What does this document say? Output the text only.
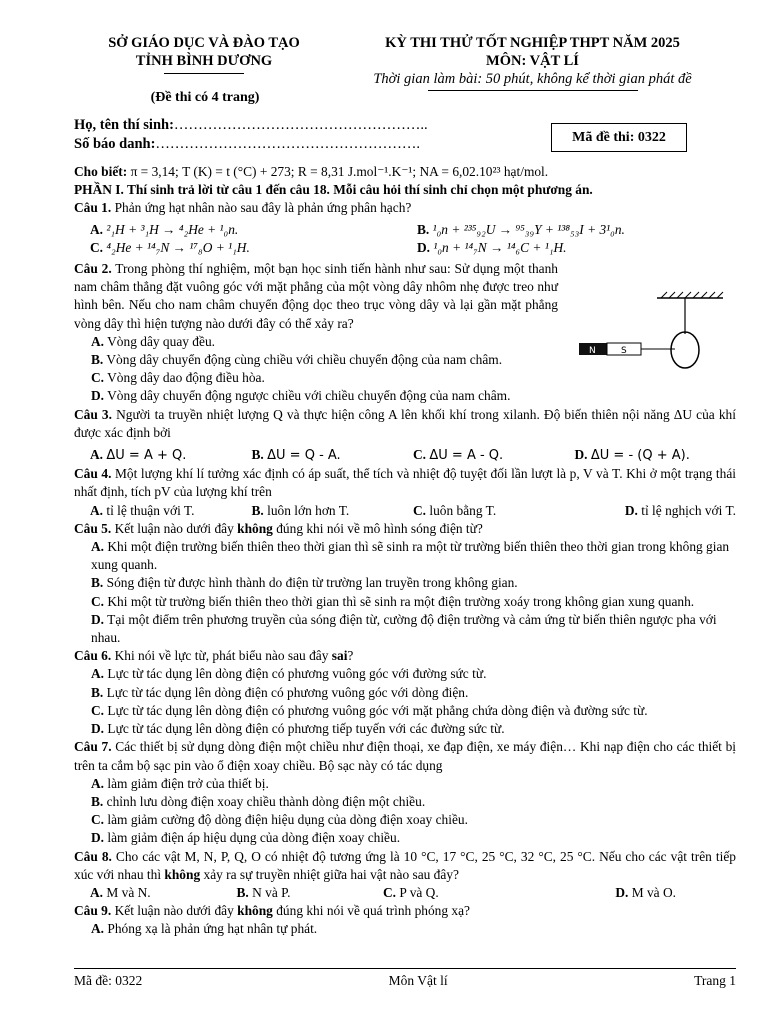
SỞ GIÁO DỤC VÀ ĐÀO TẠO
TỈNH BÌNH DƯƠNG
(Đề thi có 4 trang)
KỲ THI THỬ TỐT NGHIỆP THPT NĂM 2025
MÔN: VẬT LÍ
Thời gian làm bài: 50 phút, không kể thời gian phát đề
Họ, tên thí sinh:……………………………………………..
Số báo danh:……………………………………………….	Mã đề thi: 0322

Cho biết: π = 3,14; T (K) = t (°C) + 273; R = 8,31 J.mol⁻¹.K⁻¹; NA = 6,02.10²³ hạt/mol.

PHẦN I. Thí sinh trả lời từ câu 1 đến câu 18. Mỗi câu hỏi thí sinh chỉ chọn một phương án.

Câu 1. Phản ứng hạt nhân nào sau đây là phản ứng phân hạch?

A. ²₁H + ³₁H → ⁴₂He + ¹₀n.	B. ¹₀n + ²³⁵₉₂U → ⁹⁵₃₉Y + ¹³⁸₅₃I + 3¹₀n.
C. ⁴₂He + ¹⁴₇N → ¹⁷₈O + ¹₁H.	D. ¹₀n + ¹⁴₇N → ¹⁴₆C + ¹₁H.

Câu 2. Trong phòng thí nghiệm, một bạn học sinh tiến hành như sau: Sử dụng một thanh nam châm thẳng đặt vuông góc với mặt phẳng của một vòng dây nhôm nhẹ được treo như hình bên. Nếu cho nam châm chuyển động dọc theo trục vòng dây và lại gần mặt phẳng vòng dây thì hiện tượng nào dưới đây có thể xảy ra?

A. Vòng dây quay đều.

B. Vòng dây chuyển động cùng chiều với chiều chuyển động của nam châm.

C. Vòng dây dao động điều hòa.

D. Vòng dây chuyển động ngược chiều với chiều chuyển động của nam châm.

Câu 3. Người ta truyền nhiệt lượng Q và thực hiện công A lên khối khí trong xilanh. Độ biến thiên nội năng ΔU của khí được xác định bởi

A. ΔU = A + Q.	B. ΔU = Q - A.	C. ΔU = A - Q.	D. ΔU = - (Q + A).

Câu 4. Một lượng khí lí tưởng xác định có áp suất, thể tích và nhiệt độ tuyệt đối lần lượt là p, V và T. Khi ở một trạng thái nhất định, tích pV của lượng khí trên

A. tỉ lệ thuận với T.	B. luôn lớn hơn T.	C. luôn bằng T.	D. tỉ lệ nghịch với T.

Câu 5. Kết luận nào dưới đây không đúng khi nói về mô hình sóng điện từ?

A. Khi một điện trường biến thiên theo thời gian thì sẽ sinh ra một từ trường biến thiên theo thời gian trong không gian xung quanh.

B. Sóng điện từ được hình thành do điện từ trường lan truyền trong không gian.

C. Khi một từ trường biến thiên theo thời gian thì sẽ sinh ra một điện trường xoáy trong không gian xung quanh.

D. Tại một điểm trên phương truyền của sóng điện từ, cường độ điện trường và cảm ứng từ biến thiên ngược pha với nhau.

Câu 6. Khi nói về lực từ, phát biểu nào sau đây sai?

A. Lực từ tác dụng lên dòng điện có phương vuông góc với đường sức từ.

B. Lực từ tác dụng lên dòng điện có phương vuông góc với dòng điện.

C. Lực từ tác dụng lên dòng điện có phương vuông góc với mặt phẳng chứa dòng điện và đường sức từ.

D. Lực từ tác dụng lên dòng điện có phương tiếp tuyến với các đường sức từ.

Câu 7. Các thiết bị sử dụng dòng điện một chiều như điện thoại, xe đạp điện, xe máy điện… Khi nạp điện cho các thiết bị trên ta cắm bộ sạc pin vào ổ điện xoay chiều. Bộ sạc này có tác dụng

A. làm giảm điện trở của thiết bị.

B. chỉnh lưu dòng điện xoay chiều thành dòng điện một chiều.

C. làm giảm cường độ dòng điện hiệu dụng của dòng điện xoay chiều.

D. làm giảm điện áp hiệu dụng của dòng điện xoay chiều.

Câu 8. Cho các vật M, N, P, Q, O có nhiệt độ tương ứng là 10 °C, 17 °C, 25 °C, 32 °C, 25 °C. Nếu cho các vật trên tiếp xúc với nhau thì không xảy ra sự truyền nhiệt giữa hai vật nào sau đây?

A. M và N.	B. N và P.	C. P và Q.	D. M và O.

Câu 9. Kết luận nào dưới đây không đúng khi nói về quá trình phóng xạ?

A. Phóng xạ là phản ứng hạt nhân tự phát.

N	S
Mã đề: 0322	Môn Vật lí	Trang 1
